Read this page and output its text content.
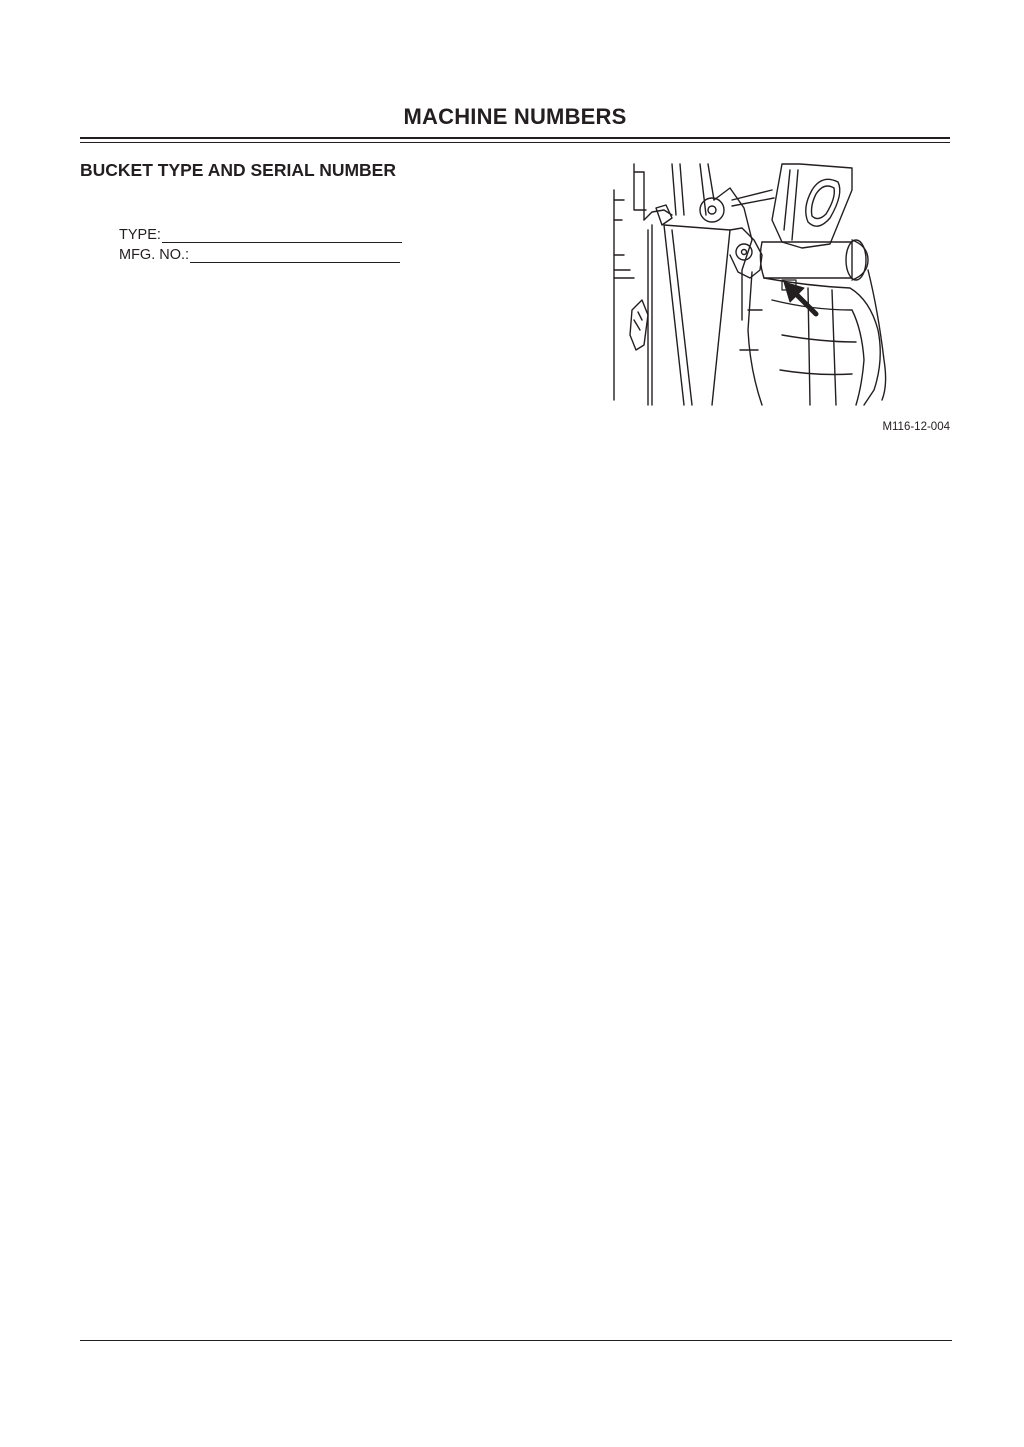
MACHINE NUMBERS
BUCKET TYPE AND SERIAL NUMBER
TYPE:
MFG. NO.:
M116-12-004
